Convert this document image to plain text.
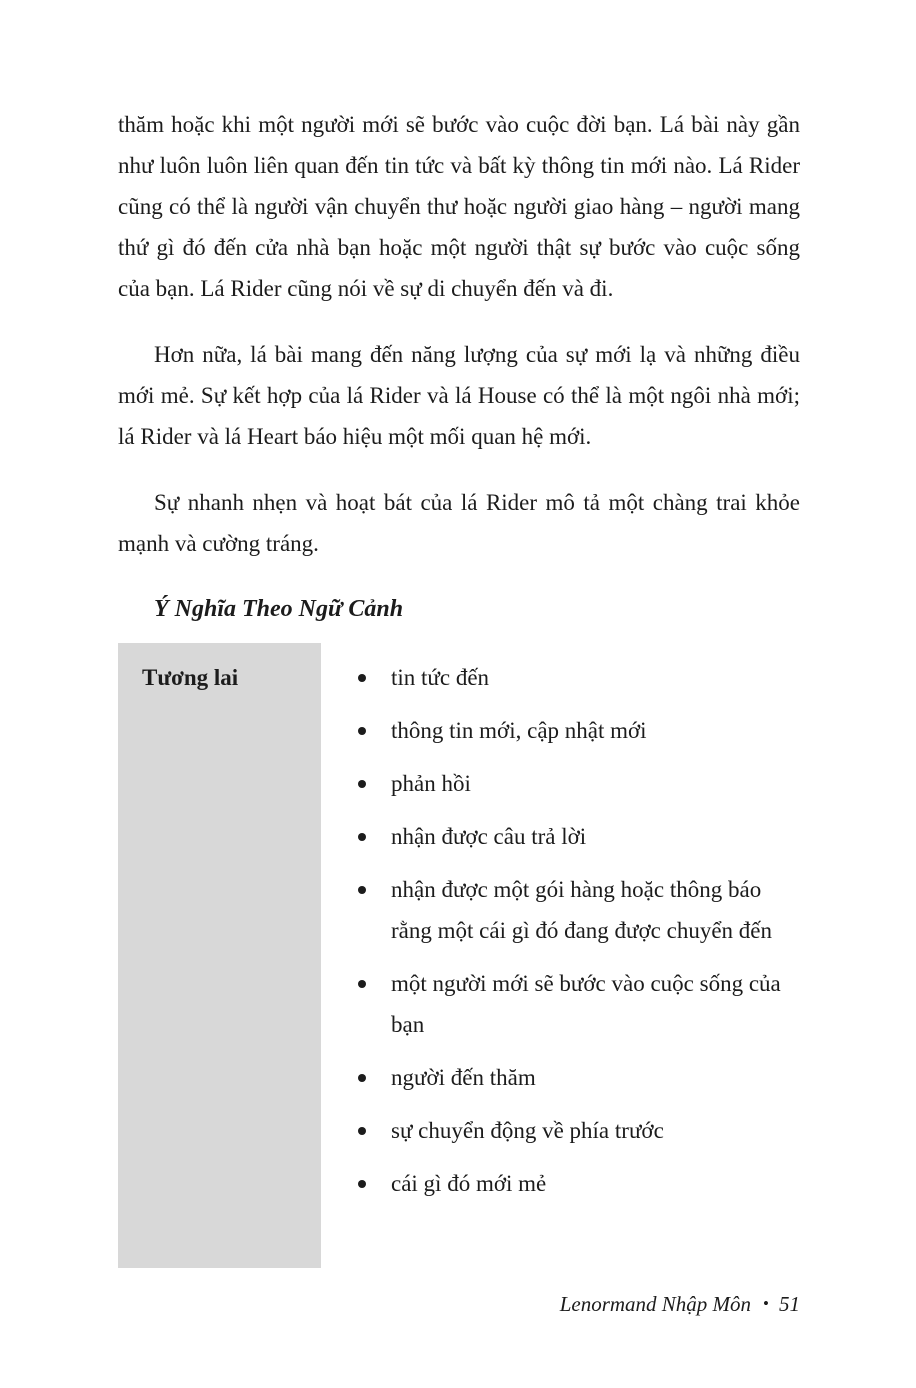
thăm hoặc khi một người mới sẽ bước vào cuộc đời bạn. Lá bài này gần như luôn luôn liên quan đến tin tức và bất kỳ thông tin mới nào. Lá Rider cũng có thể là người vận chuyển thư hoặc người giao hàng – người mang thứ gì đó đến cửa nhà bạn hoặc một người thật sự bước vào cuộc sống của bạn. Lá Rider cũng nói về sự di chuyển đến và đi.

Hơn nữa, lá bài mang đến năng lượng của sự mới lạ và những điều mới mẻ. Sự kết hợp của lá Rider và lá House có thể là một ngôi nhà mới; lá Rider và lá Heart báo hiệu một mối quan hệ mới.

Sự nhanh nhẹn và hoạt bát của lá Rider mô tả một chàng trai khỏe mạnh và cường tráng.

Ý Nghĩa Theo Ngữ Cảnh
Tương lai	tin tức đến
thông tin mới, cập nhật mới
phản hồi
nhận được câu trả lời
nhận được một gói hàng hoặc thông báo rằng một cái gì đó đang được chuyển đến
một người mới sẽ bước vào cuộc sống của bạn
người đến thăm
sự chuyển động về phía trước
cái gì đó mới mẻ
Lenormand Nhập Môn • 51
